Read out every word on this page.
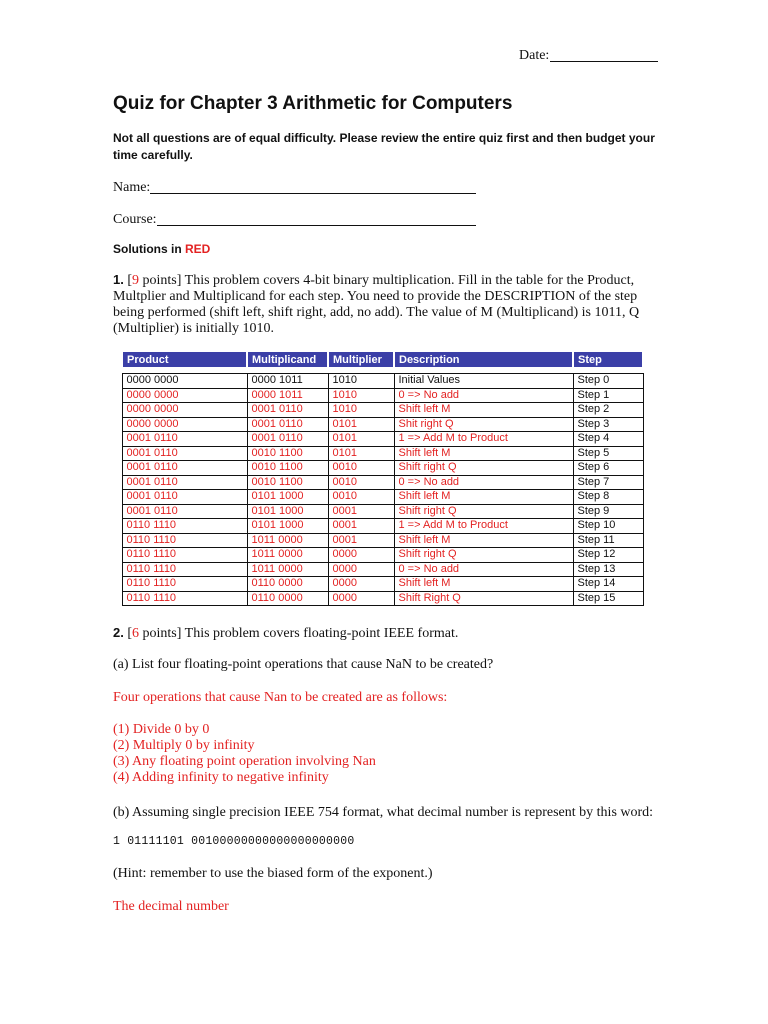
Date:
Quiz for Chapter 3 Arithmetic for Computers

Not all questions are of equal difficulty. Please review the entire quiz first and then budget your time carefully.

Name:
Course:
Solutions in RED

1. [9 points] This problem covers 4-bit binary multiplication. Fill in the table for the Product, Multplier and Multiplicand for each step. You need to provide the DESCRIPTION of the step being performed (shift left, shift right, add, no add). The value of M (Multiplicand) is 1011, Q (Multiplier) is initially 1010.

Product	Multiplicand	Multiplier	Description	Step

0000 0000	0000 1011	1010	Initial Values	Step 0
0000 0000	0000 1011	1010	0 => No add	Step 1
0000 0000	0001 0110	1010	Shift left M	Step 2
0000 0000	0001 0110	0101	Shit right Q	Step 3
0001 0110	0001 0110	0101	1 => Add M to Product	Step 4
0001 0110	0010 1100	0101	Shift left M	Step 5
0001 0110	0010 1100	0010	Shift right Q	Step 6
0001 0110	0010 1100	0010	0 => No add	Step 7
0001 0110	0101 1000	0010	Shift left M	Step 8
0001 0110	0101 1000	0001	Shift right Q	Step 9
0110 1110	0101 1000	0001	1 => Add M to Product	Step 10
0110 1110	1011 0000	0001	Shift left M	Step 11
0110 1110	1011 0000	0000	Shift right Q	Step 12
0110 1110	1011 0000	0000	0 => No add	Step 13
0110 1110	0110 0000	0000	Shift left M	Step 14
0110 1110	0110 0000	0000	Shift Right Q	Step 15

2. [6 points] This problem covers floating-point IEEE format.

(a) List four floating-point operations that cause NaN to be created?

Four operations that cause Nan to be created are as follows:

(1) Divide 0 by 0
(2) Multiply 0 by infinity
(3) Any floating point operation involving Nan
(4) Adding infinity to negative infinity

(b) Assuming single precision IEEE 754 format, what decimal number is represent by this word:

1 01111101 00100000000000000000000

(Hint: remember to use the biased form of the exponent.)

The decimal number
